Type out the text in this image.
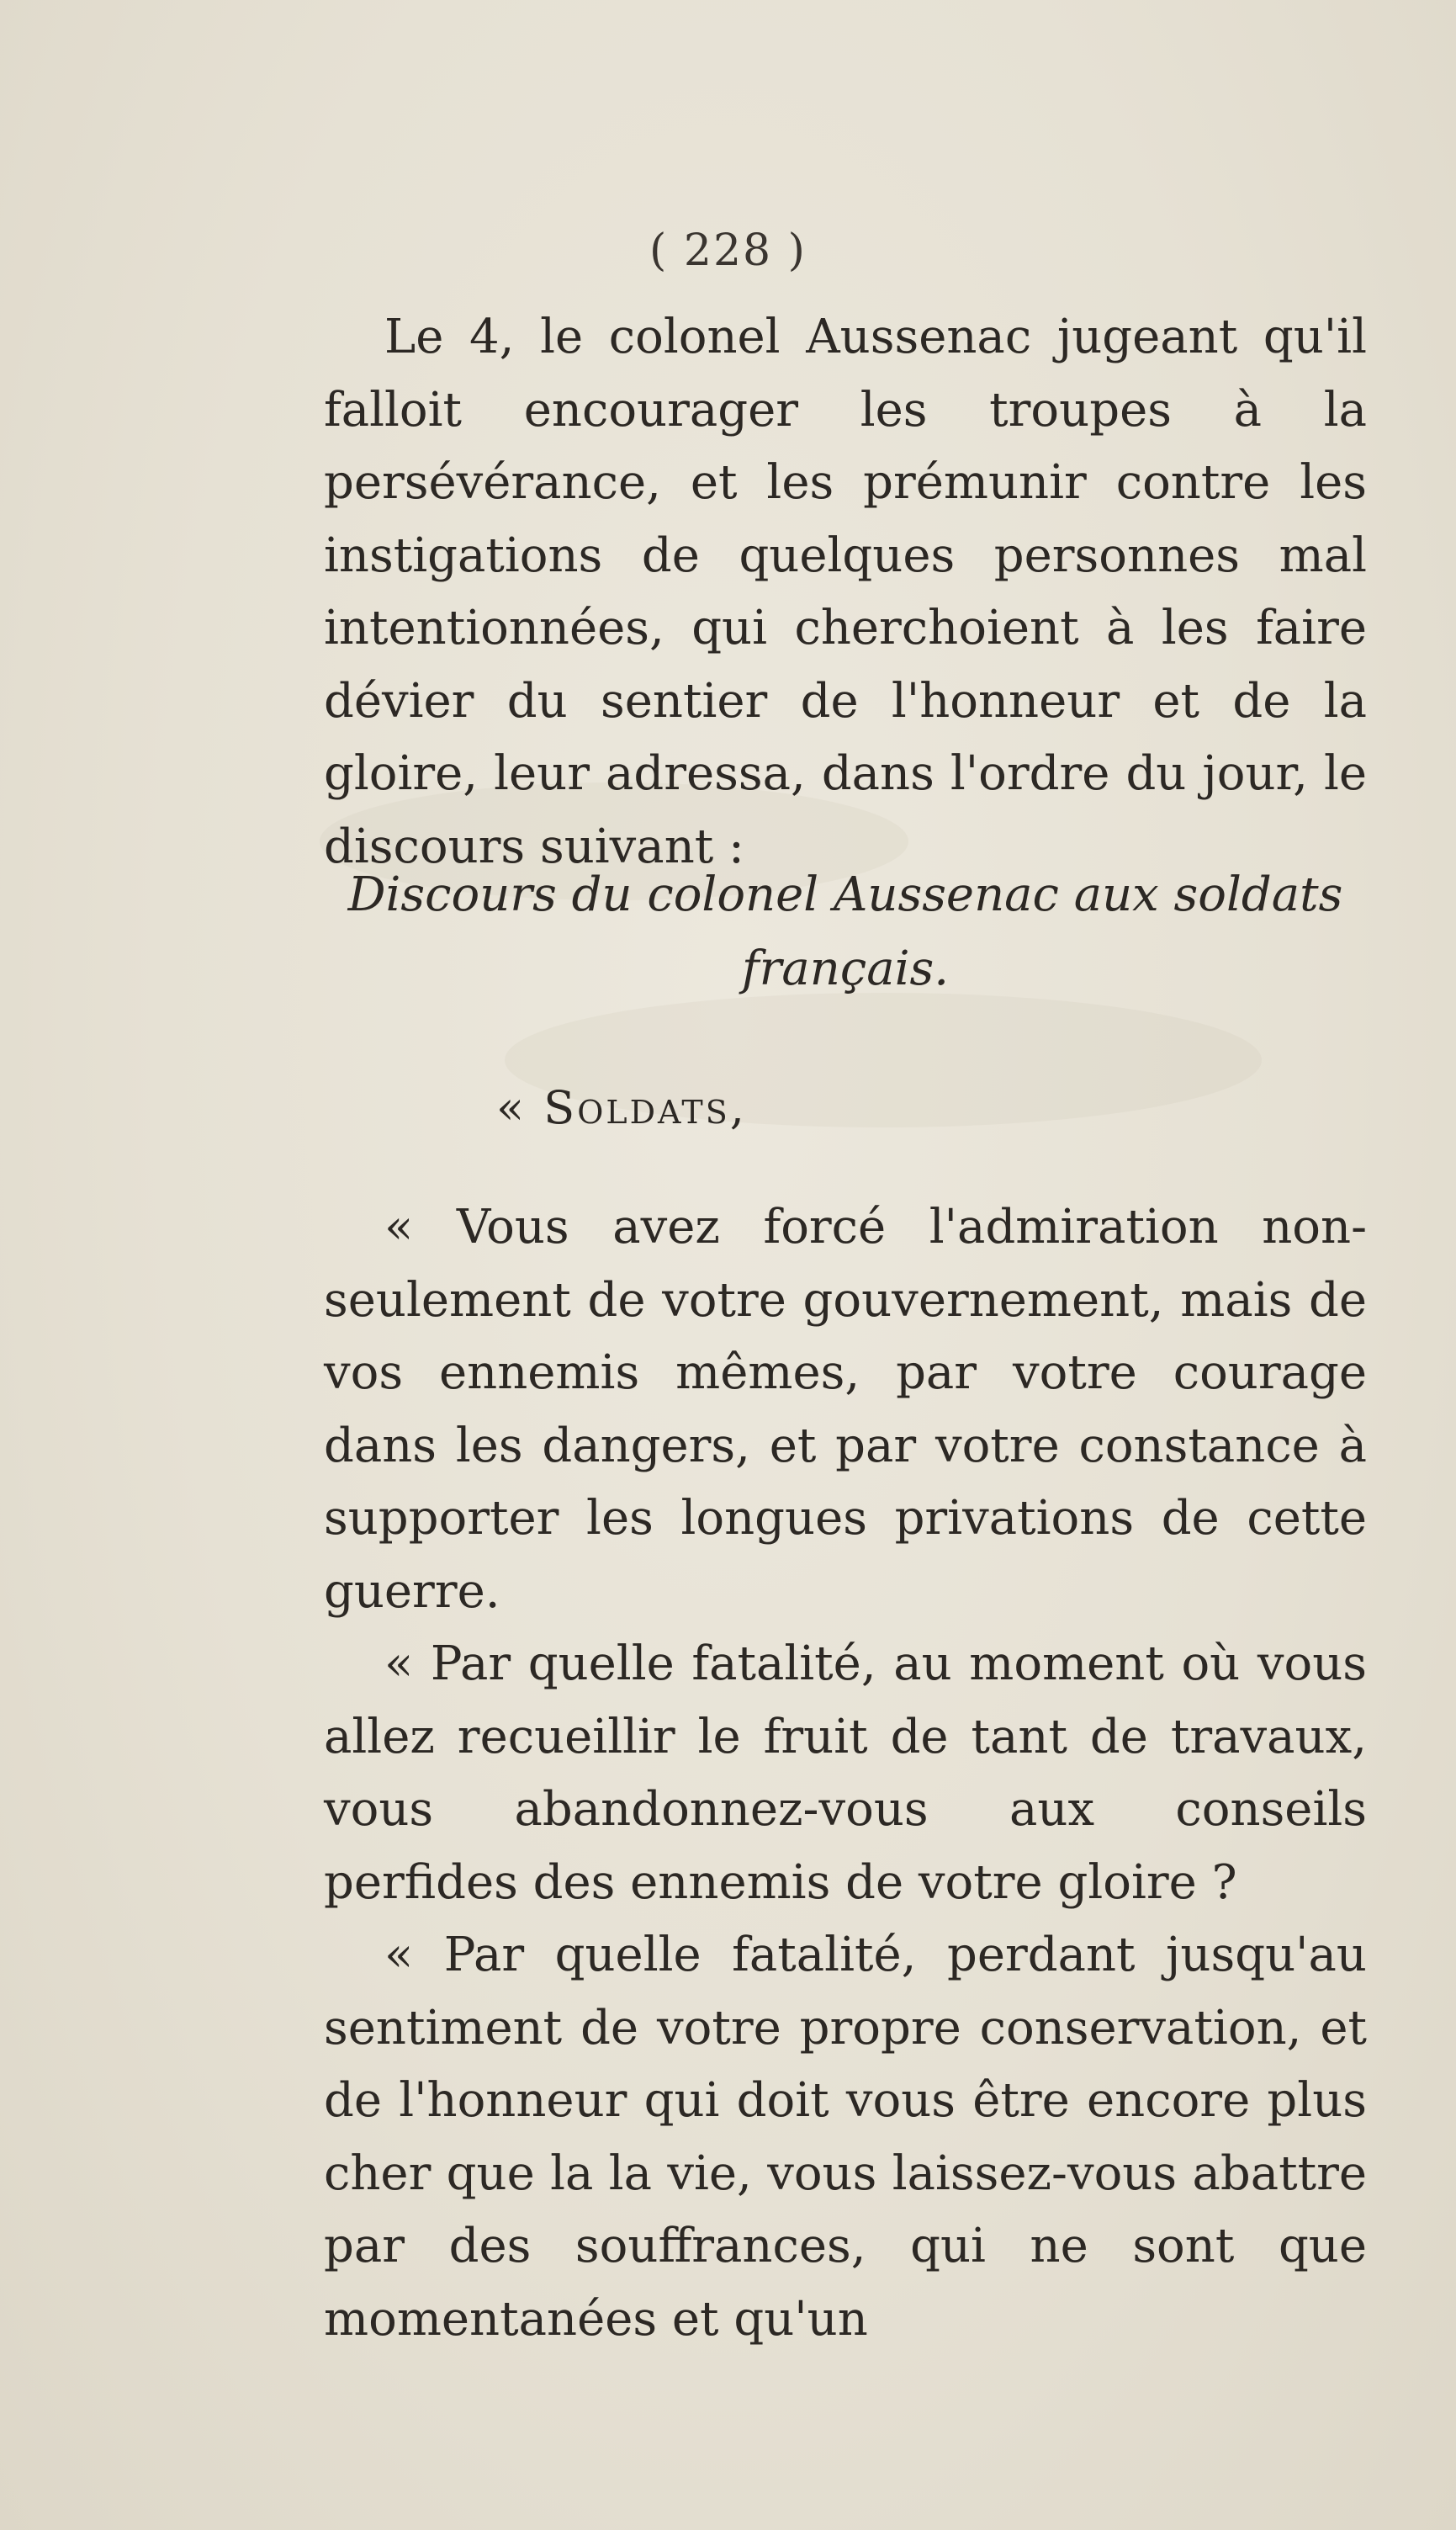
( 228 )

Le 4, le colonel Aussenac jugeant qu'il falloit encourager les troupes à la persévérance, et les prémunir contre les instigations de quelques personnes mal intentionnées, qui cherchoient à les faire dévier du sentier de l'honneur et de la gloire, leur adressa, dans l'ordre du jour, le discours suivant :

Discours du colonel Aussenac aux soldats
français.
« Soldats,

« Vous avez forcé l'admiration non-seulement de votre gouvernement, mais de vos ennemis mêmes, par votre courage dans les dangers, et par votre constance à supporter les longues privations de cette guerre.

« Par quelle fatalité, au moment où vous allez recueillir le fruit de tant de travaux, vous abandonnez-vous aux conseils perfides des ennemis de votre gloire ?

« Par quelle fatalité, perdant jusqu'au sentiment de votre propre conservation, et de l'honneur qui doit vous être encore plus cher que la la vie, vous laissez-vous abattre par des souffrances, qui ne sont que momentanées et qu'un
